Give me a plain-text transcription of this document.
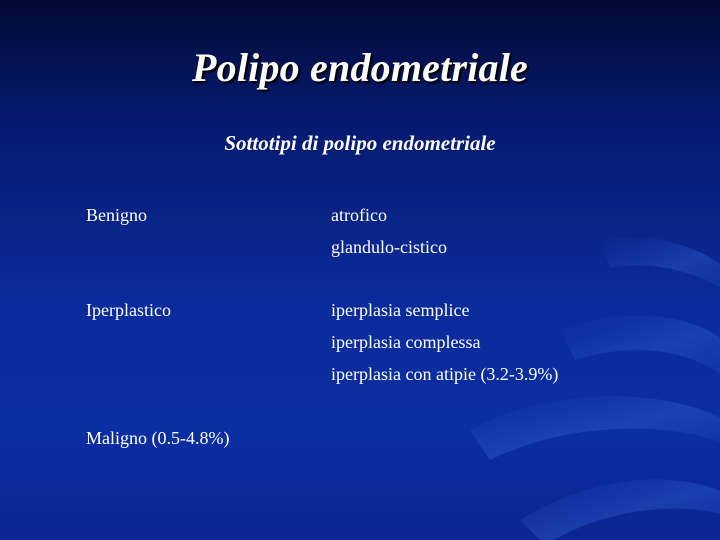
Polipo endometriale
Sottotipi di polipo endometriale
Benigno	atrofico
glandulo-cistico
Iperplastico	iperplasia semplice
iperplasia complessa
iperplasia con atipie (3.2-3.9%)
Maligno (0.5-4.8%)
